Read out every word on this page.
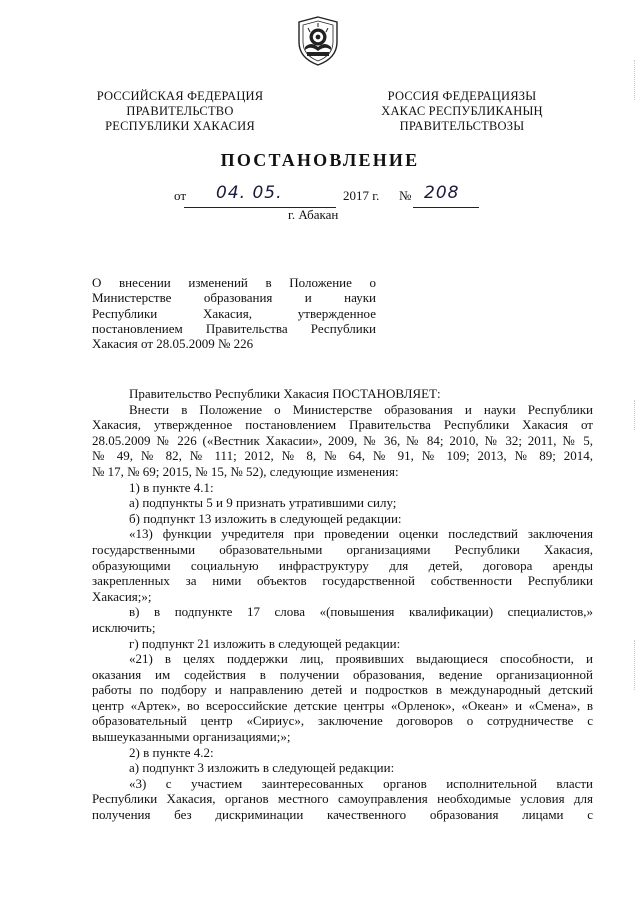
РОССИЙСКАЯ ФЕДЕРАЦИЯ
ПРАВИТЕЛЬСТВО
РЕСПУБЛИКИ ХАКАСИЯ
РОССИЯ ФЕДЕРАЦИЯЗЫ
ХАКАС РЕСПУБЛИКАНЫҢ
ПРАВИТЕЛЬСТВОЗЫ
ПОСТАНОВЛЕНИЕ
от 04. 05.	2017 г. № 208
г. Абакан
О внесении изменений в Положение о
Министерстве образования и науки
Республики Хакасия, утвержденное
постановлением Правительства Республики
Хакасия от 28.05.2009 № 226
Правительство Республики Хакасия ПОСТАНОВЛЯЕТ:
Внести в Положение о Министерстве образования и науки Республики
Хакасия, утвержденное постановлением Правительства Республики Хакасия от
28.05.2009 № 226 («Вестник Хакасии», 2009, № 36, № 84; 2010, № 32; 2011, № 5,
№ 49, № 82, № 111; 2012, № 8, № 64, № 91, № 109; 2013, № 89; 2014,
№ 17, № 69; 2015, № 15, № 52), следующие изменения:
1) в пункте 4.1:
а) подпункты 5 и 9 признать утратившими силу;
б) подпункт 13 изложить в следующей редакции:
«13) функции учредителя при проведении оценки последствий заключения
государственными образовательными организациями Республики Хакасия,
образующими социальную инфраструктуру для детей, договора аренды
закрепленных за ними объектов государственной собственности Республики
Хакасия;»;
в) в подпункте 17 слова «(повышения квалификации) специалистов,»
исключить;
г) подпункт 21 изложить в следующей редакции:
«21) в целях поддержки лиц, проявивших выдающиеся способности, и
оказания им содействия в получении образования, ведение организационной
работы по подбору и направлению детей и подростков в международный детский
центр «Артек», во всероссийские детские центры «Орленок», «Океан» и «Смена», в
образовательный центр «Сириус», заключение договоров о сотрудничестве с
вышеуказанными организациями;»;
2) в пункте 4.2:
а) подпункт 3 изложить в следующей редакции:
«3) с участием заинтересованных органов исполнительной власти
Республики Хакасия, органов местного самоуправления необходимые условия для
получения без дискриминации качественного образования лицами с
